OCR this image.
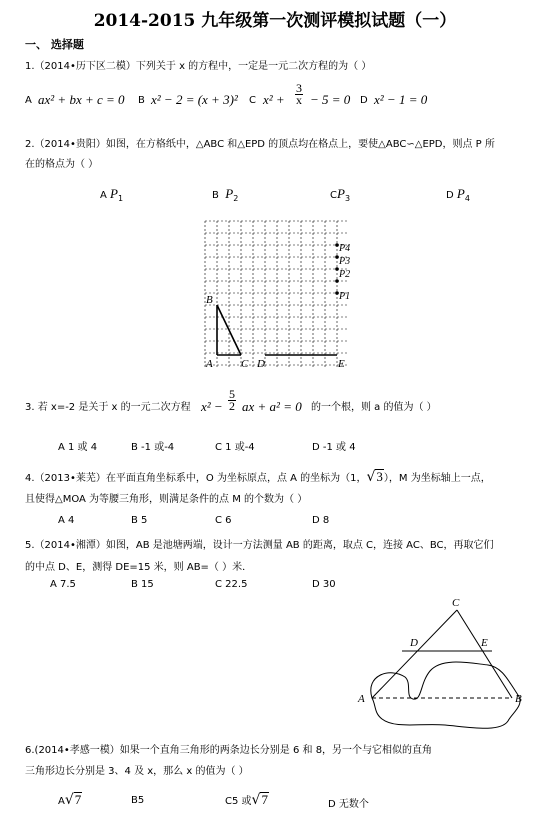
2014-2015 九年级第一次测评模拟试题（一）
一、 选择题
1.（2014•历下区二模）下列关于 x 的方程中，一定是一元二次方程的为（ ）
A ax² + bx + c = 0 B x² − 2 = (x + 3)² C $x^2 + \frac{3}{x} - 5 = 0$ D x² − 1 = 0
2.（2014•贵阳）如图，在方格纸中，△ABC 和△EPD 的顶点均在格点上，要使△ABC∽△EPD，则点 P 所
在的格点为（ ）
A $P_1$	B $P_2$	$CP_3$	D $P_4$
B
A	C D	E
P4
P3
P2
P1
3. 若 x=-2 是关于 x 的一元二次方程 $x^2 - \frac{5}{2}$ ax + a² = 0 的一个根，则 a 的值为（ ）
A 1 或 4	B -1 或-4	C 1 或-4	D -1 或 4
4.（2013•莱芜）在平面直角坐标系中，O 为坐标原点，点 A 的坐标为（1，√3），M 为坐标轴上一点，
且使得△MOA 为等腰三角形，则满足条件的点 M 的个数为（ ）
A 4	B 5	C 6	D 8
5.（2014•湘潭）如图，AB 是池塘两端，设计一方法测量 AB 的距离，取点 C，连接 AC、BC，再取它们
的中点 D、E，测得 DE=15 米，则 AB=（ ）米．
A 7.5	B 15	C 22.5	D 30
C
D	E
A	B
6.(2014•孝感一模）如果一个直角三角形的两条边长分别是 6 和 8，另一个与它相似的直角
三角形边长分别是 3、4 及 x，那么 x 的值为（ ）
A√7	B5	C5 或√7	D 无数个
